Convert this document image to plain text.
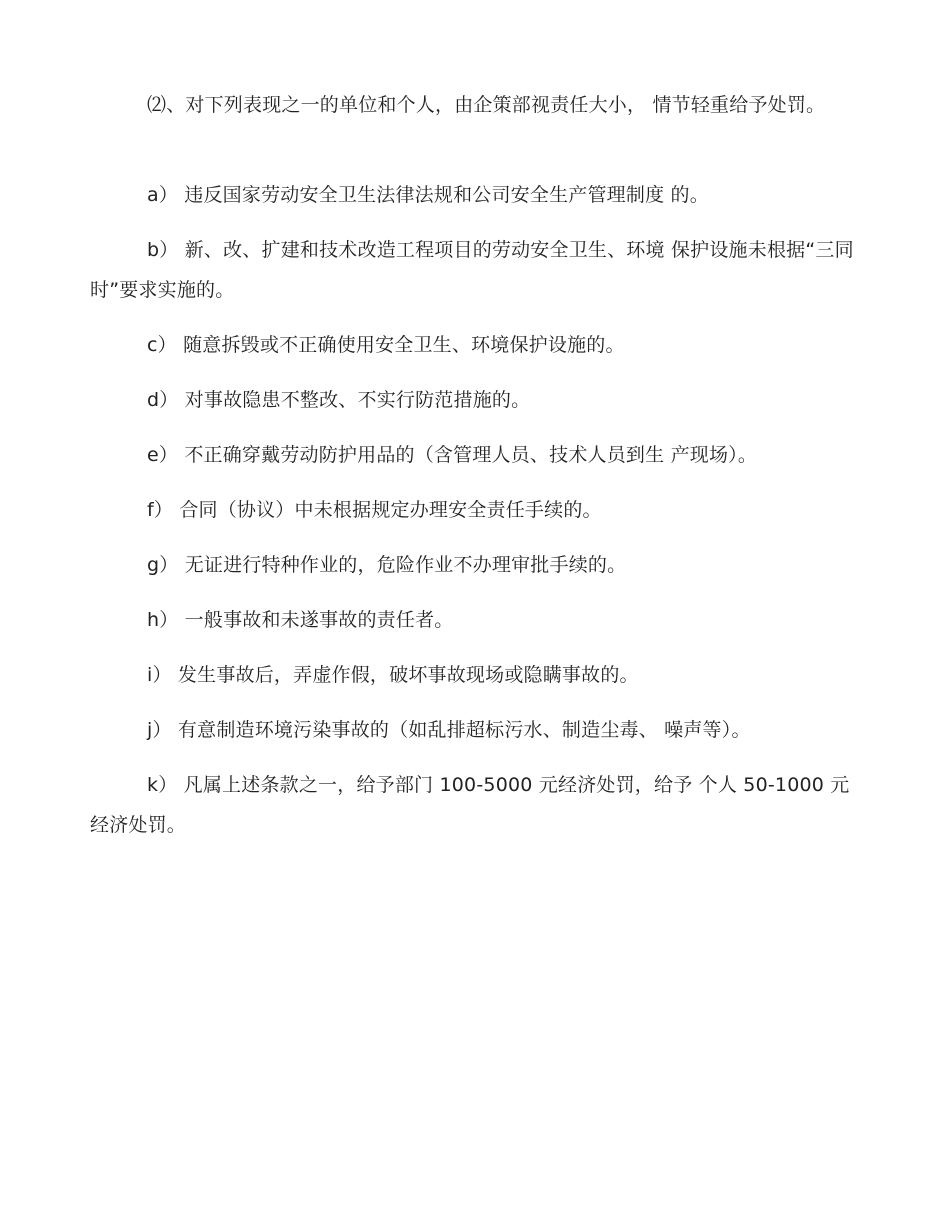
⑵、对下列表现之一的单位和个人，由企策部视责任大小， 情节轻重给予处罚。

a） 违反国家劳动安全卫生法律法规和公司安全生产管理制度 的。

b） 新、改、扩建和技术改造工程项目的劳动安全卫生、环境 保护设施未根据“三同时”要求实施的。

c） 随意拆毁或不正确使用安全卫生、环境保护设施的。

d） 对事故隐患不整改、不实行防范措施的。

e） 不正确穿戴劳动防护用品的（含管理人员、技术人员到生 产现场）。

f） 合同（协议）中未根据规定办理安全责任手续的。

g） 无证进行特种作业的，危险作业不办理审批手续的。

h） 一般事故和未遂事故的责任者。

i） 发生事故后，弄虚作假，破坏事故现场或隐瞒事故的。

j） 有意制造环境污染事故的（如乱排超标污水、制造尘毒、 噪声等）。

k） 凡属上述条款之一，给予部门 100-5000 元经济处罚，给予 个人 50-1000 元经济处罚。
